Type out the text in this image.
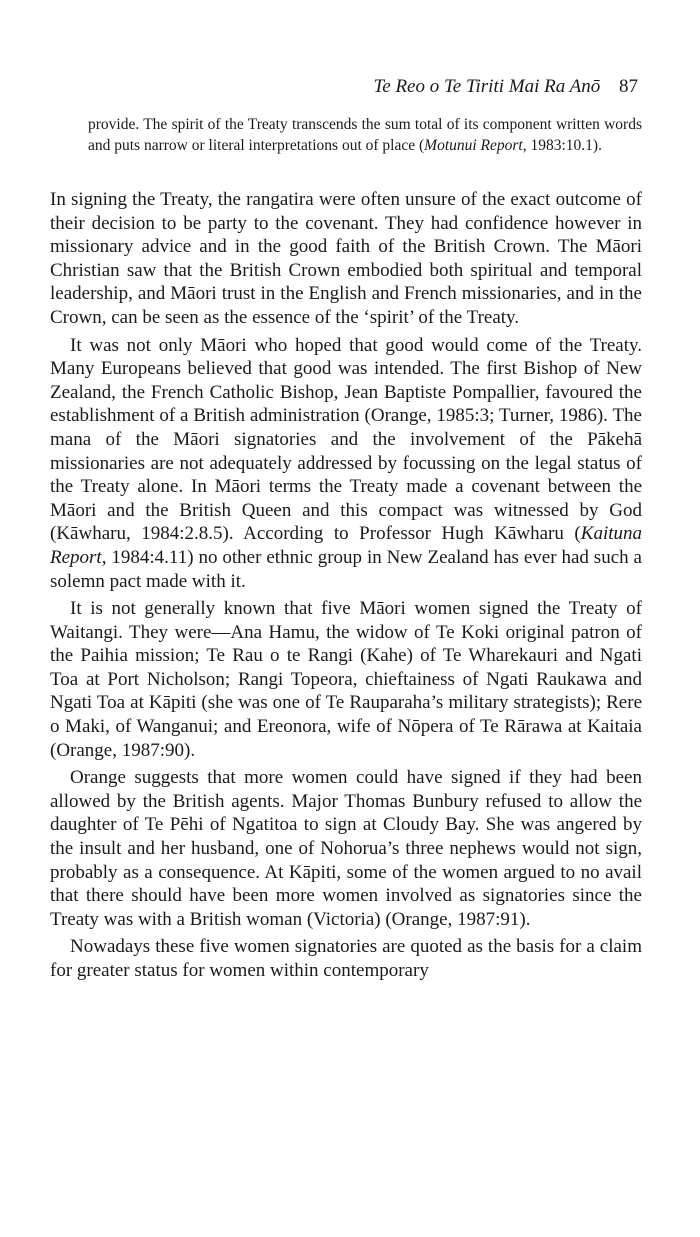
Te Reo o Te Tiriti Mai Ra Anō 87
provide. The spirit of the Treaty transcends the sum total of its component written words and puts narrow or literal interpretations out of place (Motunui Report, 1983:10.1).

In signing the Treaty, the rangatira were often unsure of the exact outcome of their decision to be party to the covenant. They had confidence however in missionary advice and in the good faith of the British Crown. The Māori Christian saw that the British Crown embodied both spiritual and temporal leadership, and Māori trust in the English and French missionaries, and in the Crown, can be seen as the essence of the ‘spirit’ of the Treaty.

It was not only Māori who hoped that good would come of the Treaty. Many Europeans believed that good was intended. The first Bishop of New Zealand, the French Catholic Bishop, Jean Baptiste Pompallier, favoured the establishment of a British administration (Orange, 1985:3; Turner, 1986). The mana of the Māori signatories and the involvement of the Pākehā missionaries are not adequately addressed by focussing on the legal status of the Treaty alone. In Māori terms the Treaty made a covenant between the Māori and the British Queen and this compact was witnessed by God (Kāwharu, 1984:2.8.5). According to Professor Hugh Kāwharu (Kaituna Report, 1984:4.11) no other ethnic group in New Zealand has ever had such a solemn pact made with it.

It is not generally known that five Māori women signed the Treaty of Waitangi. They were—Ana Hamu, the widow of Te Koki original patron of the Paihia mission; Te Rau o te Rangi (Kahe) of Te Wharekauri and Ngati Toa at Port Nicholson; Rangi Topeora, chieftainess of Ngati Raukawa and Ngati Toa at Kāpiti (she was one of Te Rauparaha’s military strategists); Rere o Maki, of Wanganui; and Ereonora, wife of Nōpera of Te Rārawa at Kaitaia (Orange, 1987:90).

Orange suggests that more women could have signed if they had been allowed by the British agents. Major Thomas Bunbury refused to allow the daughter of Te Pēhi of Ngatitoa to sign at Cloudy Bay. She was angered by the insult and her husband, one of Nohorua’s three nephews would not sign, probably as a consequence. At Kāpiti, some of the women argued to no avail that there should have been more women involved as signatories since the Treaty was with a British woman (Victoria) (Orange, 1987:91).

Nowadays these five women signatories are quoted as the basis for a claim for greater status for women within contemporary
